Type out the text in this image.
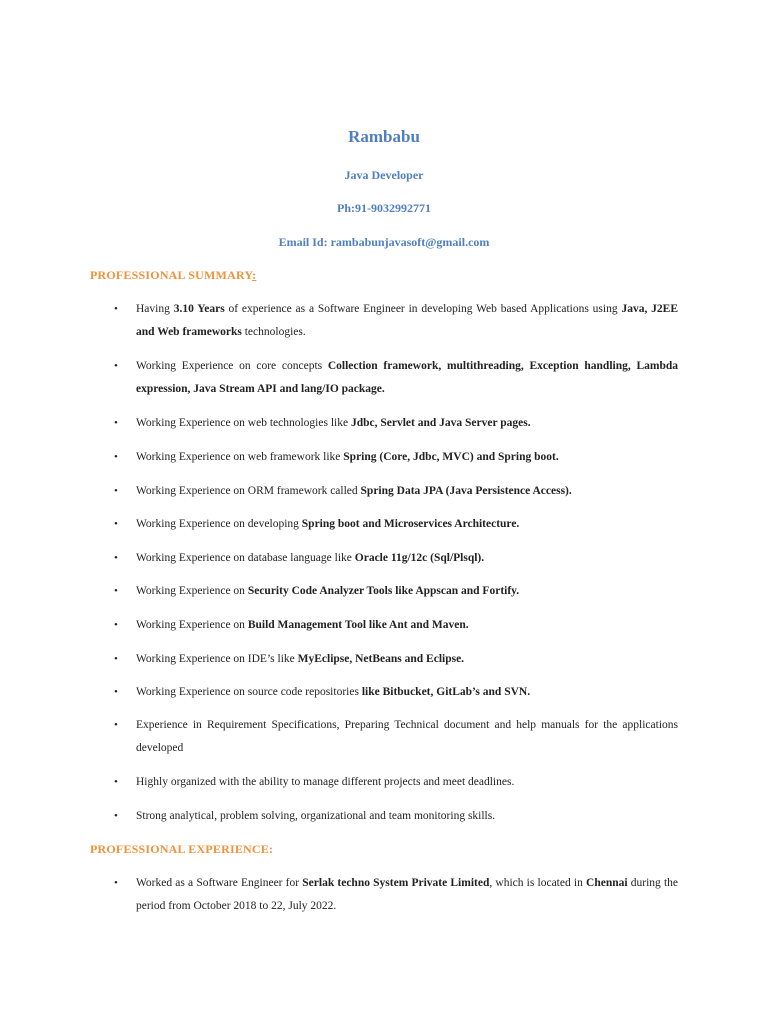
Rambabu
Java Developer
Ph:91-9032992771
Email Id: rambabunjavasoft@gmail.com
PROFESSIONAL SUMMARY:
• Having 3.10 Years of experience as a Software Engineer in developing Web based Applications using Java, J2EE and Web frameworks technologies.
• Working Experience on core concepts Collection framework, multithreading, Exception handling, Lambda expression, Java Stream API and lang/IO package.
• Working Experience on web technologies like Jdbc, Servlet and Java Server pages.
• Working Experience on web framework like Spring (Core, Jdbc, MVC) and Spring boot.
• Working Experience on ORM framework called Spring Data JPA (Java Persistence Access).
• Working Experience on developing Spring boot and Microservices Architecture.
• Working Experience on database language like Oracle 11g/12c (Sql/Plsql).
• Working Experience on Security Code Analyzer Tools like Appscan and Fortify.
• Working Experience on Build Management Tool like Ant and Maven.
• Working Experience on IDE’s like MyEclipse, NetBeans and Eclipse.
• Working Experience on source code repositories like Bitbucket, GitLab’s and SVN.
• Experience in Requirement Specifications, Preparing Technical document and help manuals for the applications developed
• Highly organized with the ability to manage different projects and meet deadlines.
• Strong analytical, problem solving, organizational and team monitoring skills.
PROFESSIONAL EXPERIENCE:
• Worked as a Software Engineer for Serlak techno System Private Limited, which is located in Chennai during the period from October 2018 to 22, July 2022.
